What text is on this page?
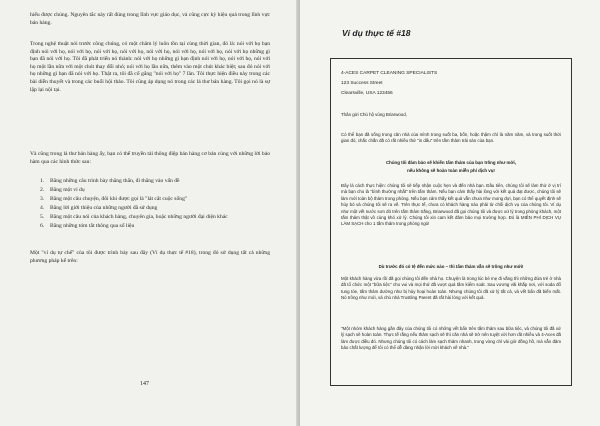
hiểu được chúng. Nguyên tắc này rất đúng trong lĩnh vực giáo dục, và cũng cực kỳ hiệu quả trong lĩnh vực bán hàng.

Trong nghệ thuật nói trước công chúng, có một châm lý luôn tồn tại cùng thời gian, đó là: nói với họ bạn định nói với họ, nói với họ, nói với họ, nói với họ, nói với họ, nói với họ, nói với họ, nói với họ những gì bạn đã nói với họ. Tôi đã phát triển nó thành: nói với họ những gì bạn định nói với họ, nói với họ, nói với họ một lần nữa với một chút thay đổi nhỏ; nói với họ lần nữa, thêm vào một chút khác biệt; sau đó nói với họ những gì bạn đã nói với họ. Thật ra, tôi đã cố gắng "nói với họ" 7 lần. Tôi thực hiện điều này trong các bài diễn thuyết và trong các buổi hội thảo. Tôi cũng áp dụng nó trong các lá thư bán hàng. Tôi gọi nó là sự lặp lại nội tại.

Và cũng trong lá thư bán hàng ấy, bạn có thể truyền tải thông điệp bán hàng cơ bản cùng với những lời bảo hàm qua các hình thức sau:

1. Bằng những câu trình bày thẳng thắn, đi thẳng vào vấn đề
2. Bằng một ví dụ
3. Bằng một câu chuyện, đôi khi được gọi là "lát cắt cuộc sống"
4. Bằng lời giới thiệu của những người đã sử dụng
5. Bằng một câu nói của khách hàng, chuyên gia, hoặc những người đại diện khác
6. Bằng những tóm tắt thông qua số liệu

Một "ví dụ tự chế" của tôi được trình bày sau đây (Ví dụ thực tế #18), trong đó sử dụng tất cả những phương pháp kể trên:

147
Ví dụ thực tế #18

4-ACES CARPET CLEANING SPECIALISTS

123 Success Street

Clearsville, USA 123456

Thân gửi Chủ hộ vùng Briarwood,

Có thể bạn đã sống trong căn nhà của mình trong suốt ba, bốn, hoặc thậm chí là năm năm, và trong suốt thời gian đó, chắc chắn đã có rất nhiều thứ "in dấu" trên tấm thảm trải sàn của bạn.

Chúng tôi đảm bảo sẽ khiến tấm thảm của bạn trông như mới,

nếu không sẽ hoàn toàn miễn phí dịch vụ!

Đây là cách thực hiện: chúng tôi sẽ tiếp nhận cuộc hẹn và đến nhà bạn. Đầu tiên, chúng tôi sẽ làm thử ở vị trí mà bạn cho là "bình thường nhất" trên tấm thảm. Nếu bạn cảm thấy hài lòng với kết quả đạt được, chúng tôi sẽ làm mới toàn bộ thảm trong phòng. Nếu bạn cảm thấy kết quả vẫn chưa như mong đợi, bạn có thể quyết định sẽ hủy bỏ và chúng tôi sẽ ra về. Trên thực tế, chưa có khách hàng nào phải từ chối dịch vụ của chúng tôi. Ví dụ như một vết nước sơn đỏ trên tấm thảm trắng, Briarwood đã gọi chúng tôi và được xử lý trong phòng khách, một tấm thảm thật vô cùng khó xử lý. Chúng tôi xin cam kết đảm bảo mọi trường hợp. Đó là MIỄN PHÍ DỊCH VỤ LÀM SẠCH cho 1 tấm thảm trong phòng ngủ!

Dù trước đó có tệ đến mức nào – thì tấm thảm vẫn sẽ trông như mới!

Một khách hàng vừa rồi đã gọi chúng tôi đến nhà họ. Chuyện là trong lúc bé mẹ đi vắng thì những đứa trẻ ở nhà đã tổ chức một "bữa tiệc" cho vui và mọi thứ đã vượt quá tầm kiểm soát. Sau vương vãi khắp nơi, với soda đổ tung tóe, tấm thảm dường như bị hủy hoại hoàn toàn. Nhưng chúng tôi đã xử lý tất cả, và vết bẩn đã biến mất. Nó trông như mới, và chủ nhà Trustling Parent đã rất hài lòng với kết quả.

"Một nhóm khách hàng gần đây của chúng tôi có những vết bẩn trên tấm thảm sau bữa tiệc, và chúng tôi đã xử lý sạch sẽ hoàn toàn. Thực tế rằng nếu thảm sạch sẽ thì căn nhà sẽ trở nên tuyệt vời hơn rất nhiều và 4-Aces đã làm được điều đó. Nhưng chúng tôi có cách làm sạch thảm nhanh, trong vòng chỉ vài giờ đồng hồ, mà vẫn đảm bảo chất lượng để tôi có thể dễ dàng nhận lời mời khách về nhà."
